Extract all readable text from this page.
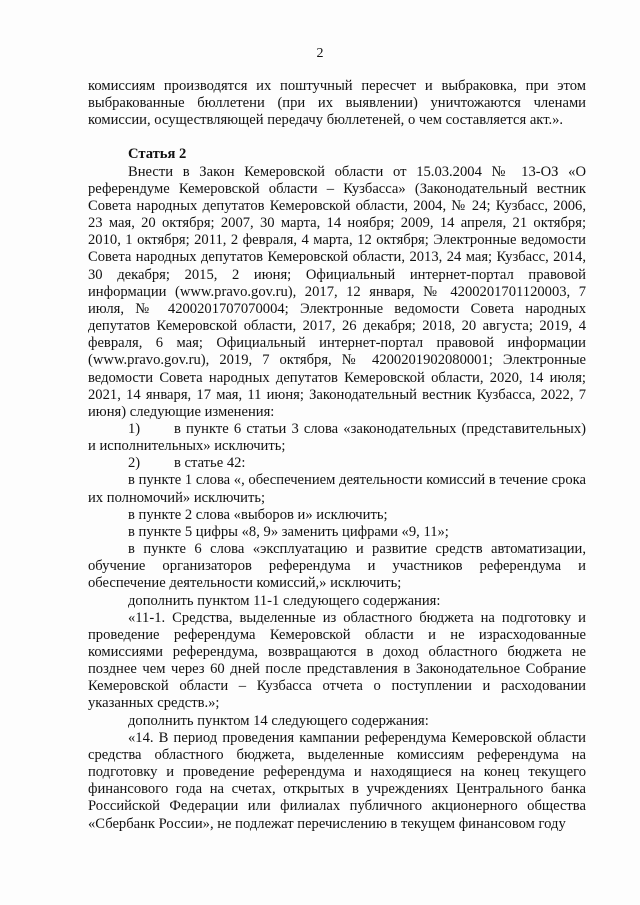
2

комиссиям производятся их поштучный пересчет и выбраковка, при этом выбракованные бюллетени (при их выявлении) уничтожаются членами комиссии, осуществляющей передачу бюллетеней, о чем составляется акт.».

Статья 2

Внести в Закон Кемеровской области от 15.03.2004 № 13-ОЗ «О референдуме Кемеровской области – Кузбасса» (Законодательный вестник Совета народных депутатов Кемеровской области, 2004, № 24; Кузбасс, 2006, 23 мая, 20 октября; 2007, 30 марта, 14 ноября; 2009, 14 апреля, 21 октября; 2010, 1 октября; 2011, 2 февраля, 4 марта, 12 октября; Электронные ведомости Совета народных депутатов Кемеровской области, 2013, 24 мая; Кузбасс, 2014, 30 декабря; 2015, 2 июня; Официальный интернет-портал правовой информации (www.pravo.gov.ru), 2017, 12 января, № 4200201701120003, 7 июля, № 4200201707070004; Электронные ведомости Совета народных депутатов Кемеровской области, 2017, 26 декабря; 2018, 20 августа; 2019, 4 февраля, 6 мая; Официальный интернет-портал правовой информации (www.pravo.gov.ru), 2019, 7 октября, № 4200201902080001; Электронные ведомости Совета народных депутатов Кемеровской области, 2020, 14 июля; 2021, 14 января, 17 мая, 11 июня; Законодательный вестник Кузбасса, 2022, 7 июня) следующие изменения:

1) в пункте 6 статьи 3 слова «законодательных (представительных) и исполнительных» исключить;

2) в статье 42:

в пункте 1 слова «, обеспечением деятельности комиссий в течение срока их полномочий» исключить;

в пункте 2 слова «выборов и» исключить;

в пункте 5 цифры «8, 9» заменить цифрами «9, 11»;

в пункте 6 слова «эксплуатацию и развитие средств автоматизации, обучение организаторов референдума и участников референдума и обеспечение деятельности комиссий,» исключить;

дополнить пунктом 11-1 следующего содержания:

«11-1. Средства, выделенные из областного бюджета на подготовку и проведение референдума Кемеровской области и не израсходованные комиссиями референдума, возвращаются в доход областного бюджета не позднее чем через 60 дней после представления в Законодательное Собрание Кемеровской области – Кузбасса отчета о поступлении и расходовании указанных средств.»;

дополнить пунктом 14 следующего содержания:

«14. В период проведения кампании референдума Кемеровской области средства областного бюджета, выделенные комиссиям референдума на подготовку и проведение референдума и находящиеся на конец текущего финансового года на счетах, открытых в учреждениях Центрального банка Российской Федерации или филиалах публичного акционерного общества «Сбербанк России», не подлежат перечислению в текущем финансовом году
